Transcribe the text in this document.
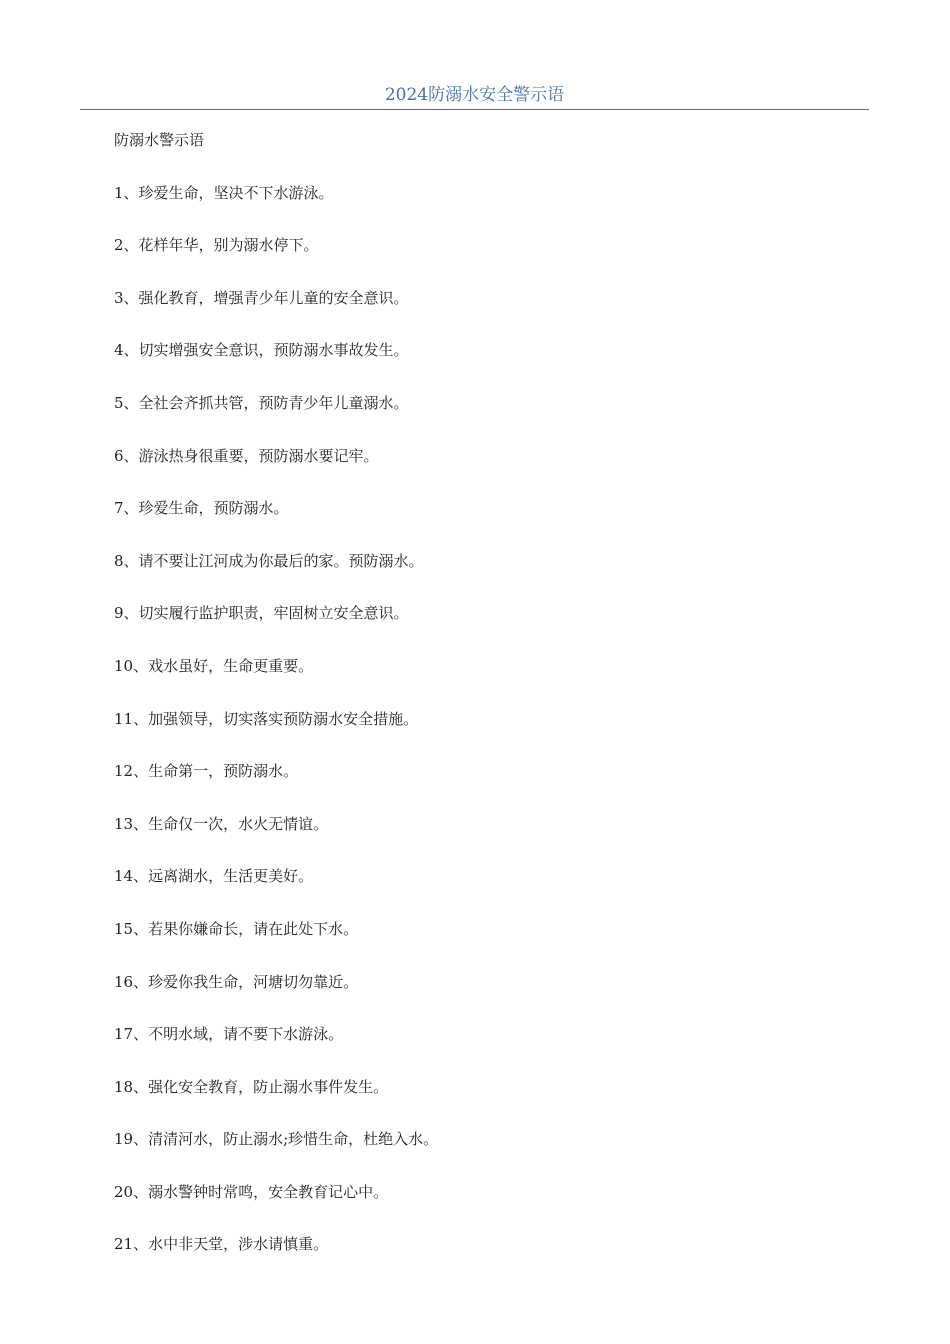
2024防溺水安全警示语
防溺水警示语
1、珍爱生命，坚决不下水游泳。
2、花样年华，别为溺水停下。
3、强化教育，增强青少年儿童的安全意识。
4、切实增强安全意识，预防溺水事故发生。
5、全社会齐抓共管，预防青少年儿童溺水。
6、游泳热身很重要，预防溺水要记牢。
7、珍爱生命，预防溺水。
8、请不要让江河成为你最后的家。预防溺水。
9、切实履行监护职责，牢固树立安全意识。
10、戏水虽好，生命更重要。
11、加强领导，切实落实预防溺水安全措施。
12、生命第一，预防溺水。
13、生命仅一次，水火无情谊。
14、远离湖水，生活更美好。
15、若果你嫌命长，请在此处下水。
16、珍爱你我生命，河塘切勿靠近。
17、不明水域，请不要下水游泳。
18、强化安全教育，防止溺水事件发生。
19、清清河水，防止溺水;珍惜生命，杜绝入水。
20、溺水警钟时常鸣，安全教育记心中。
21、水中非天堂，涉水请慎重。
